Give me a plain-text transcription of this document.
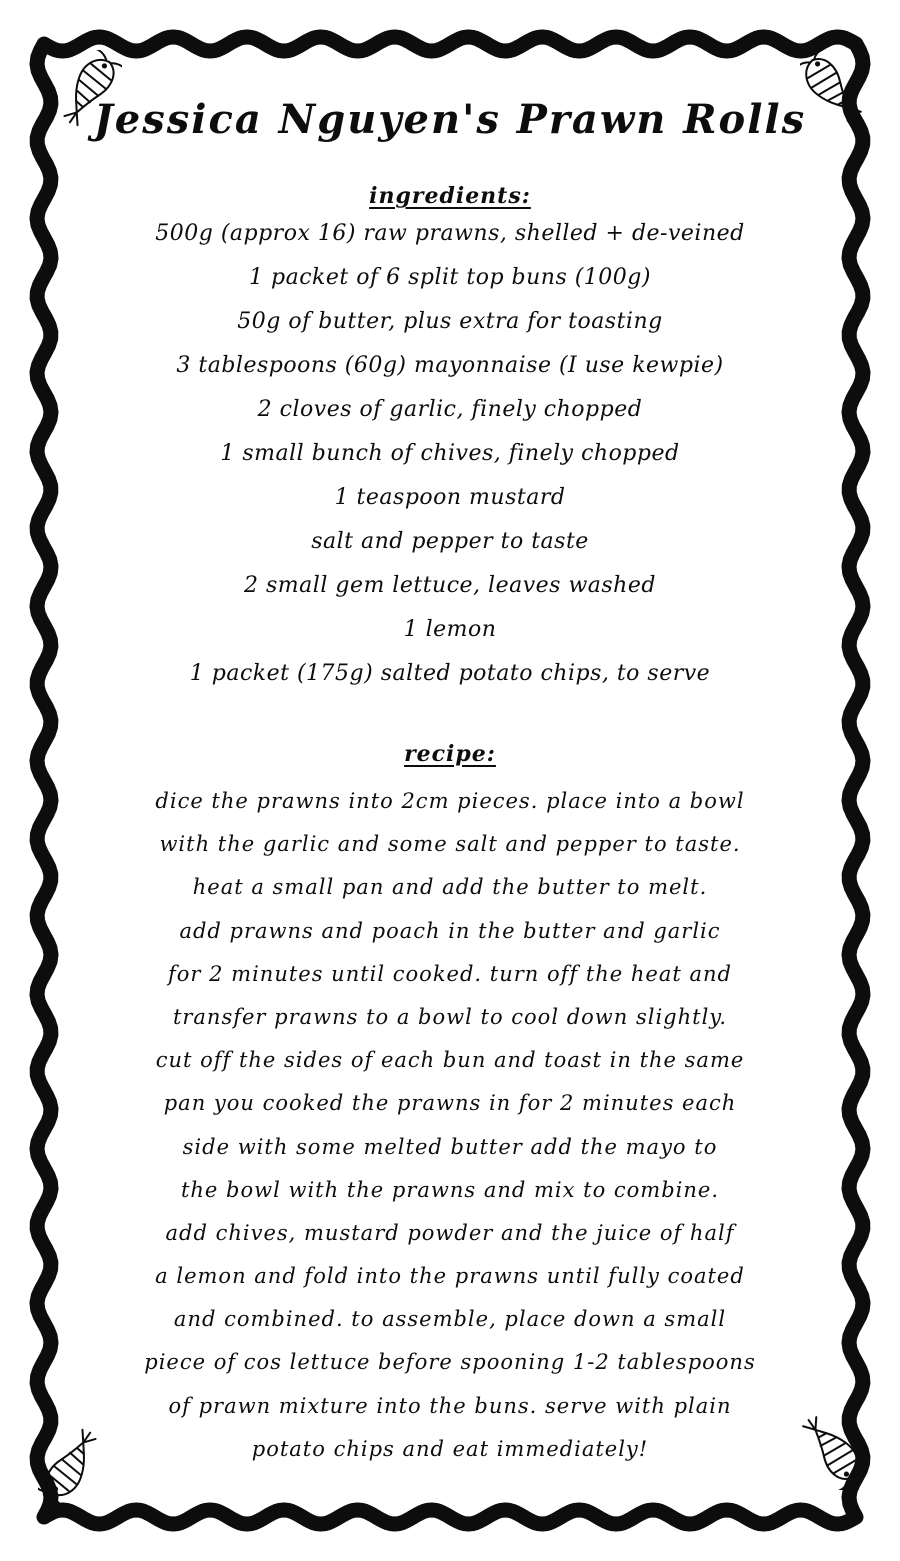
Jessica Nguyen's Prawn Rolls
ingredients:
500g (approx 16) raw prawns, shelled + de-veined
1 packet of 6 split top buns (100g)
50g of butter, plus extra for toasting
3 tablespoons (60g) mayonnaise (I use kewpie)
2 cloves of garlic, finely chopped
1 small bunch of chives, finely chopped
1 teaspoon mustard
salt and pepper to taste
2 small gem lettuce, leaves washed
1 lemon
1 packet (175g) salted potato chips, to serve
recipe:
dice the prawns into 2cm pieces. place into a bowl
with the garlic and some salt and pepper to taste.
heat a small pan and add the butter to melt.
add prawns and poach in the butter and garlic
for 2 minutes until cooked. turn off the heat and
transfer prawns to a bowl to cool down slightly.
cut off the sides of each bun and toast in the same
pan you cooked the prawns in for 2 minutes each
side with some melted butter add the mayo to
the bowl with the prawns and mix to combine.
add chives, mustard powder and the juice of half
a lemon and fold into the prawns until fully coated
and combined. to assemble, place down a small
piece of cos lettuce before spooning 1-2 tablespoons
of prawn mixture into the buns. serve with plain
potato chips and eat immediately!
